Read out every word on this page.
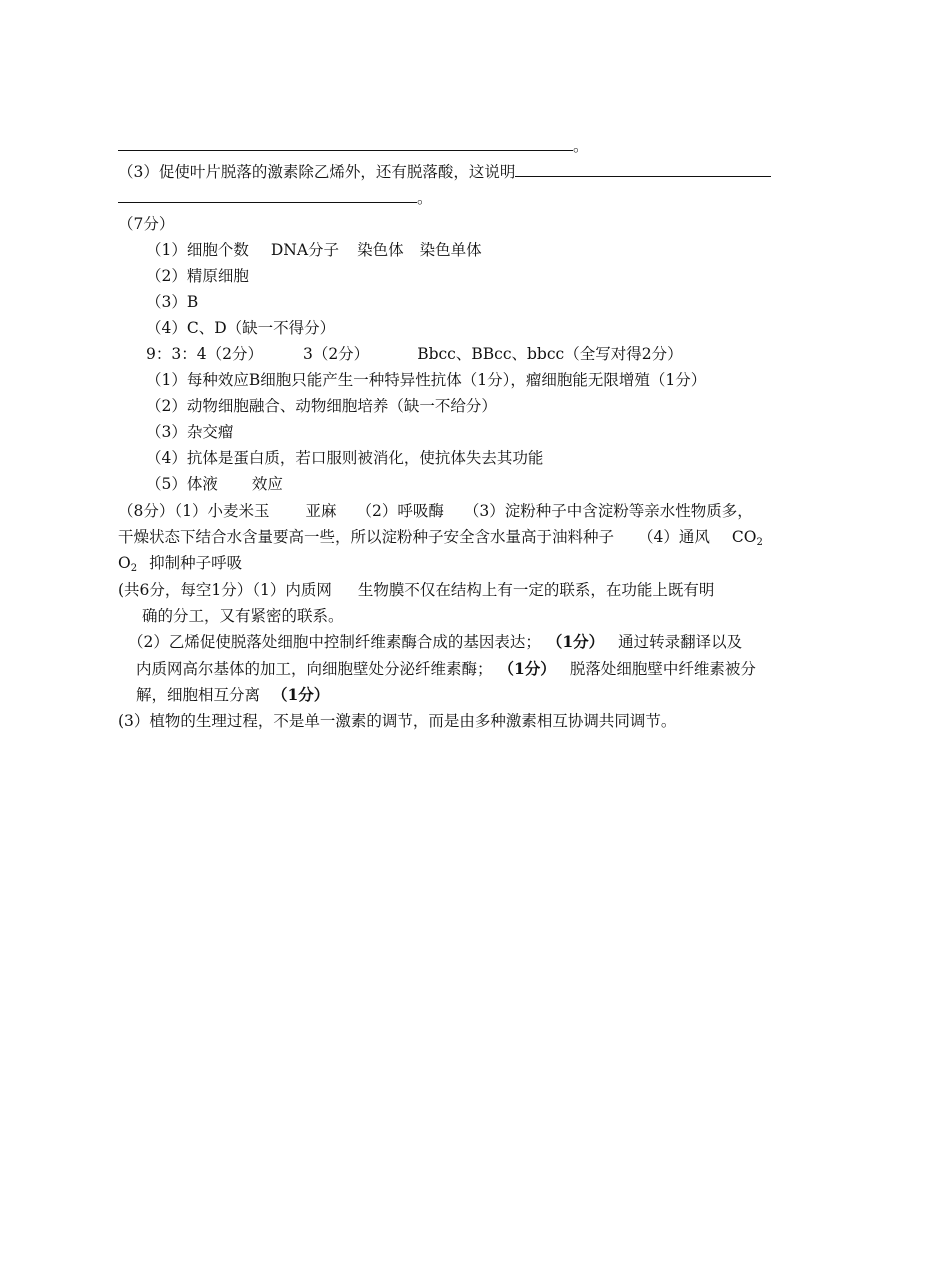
。
（3）促使叶片脱落的激素除乙烯外，还有脱落酸，这说明
。
（7分）
（1）细胞个数 DNA分子 染色体 染色单体
（2）精原细胞
（3）B
（4）C、D（缺一不得分）
9：3：4（2分）	3（2分）	Bbcc、BBcc、bbcc（全写对得2分）
（1）每种效应B细胞只能产生一种特异性抗体（1分），瘤细胞能无限增殖（1分）
（2）动物细胞融合、动物细胞培养（缺一不给分）
（3）杂交瘤
（4）抗体是蛋白质，若口服则被消化，使抗体失去其功能
（5）体液 效应
（8分）（1）小麦米玉 亚麻 （2）呼吸酶 （3）淀粉种子中含淀粉等亲水性物质多，
干燥状态下结合水含量要高一些，所以淀粉种子安全含水量高于油料种子 （4）通风 $CO_2$
$O_2$ 抑制种子呼吸
(共6分，每空1分）（1）内质网 生物膜不仅在结构上有一定的联系，在功能上既有明
确的分工，又有紧密的联系。
（2）乙烯促使脱落处细胞中控制纤维素酶合成的基因表达； （1分） 通过转录翻译以及
内质网高尔基体的加工，向细胞壁处分泌纤维素酶； （1分） 脱落处细胞壁中纤维素被分
解，细胞相互分离 （1分）
(3）植物的生理过程，不是单一激素的调节，而是由多种激素相互协调共同调节。
